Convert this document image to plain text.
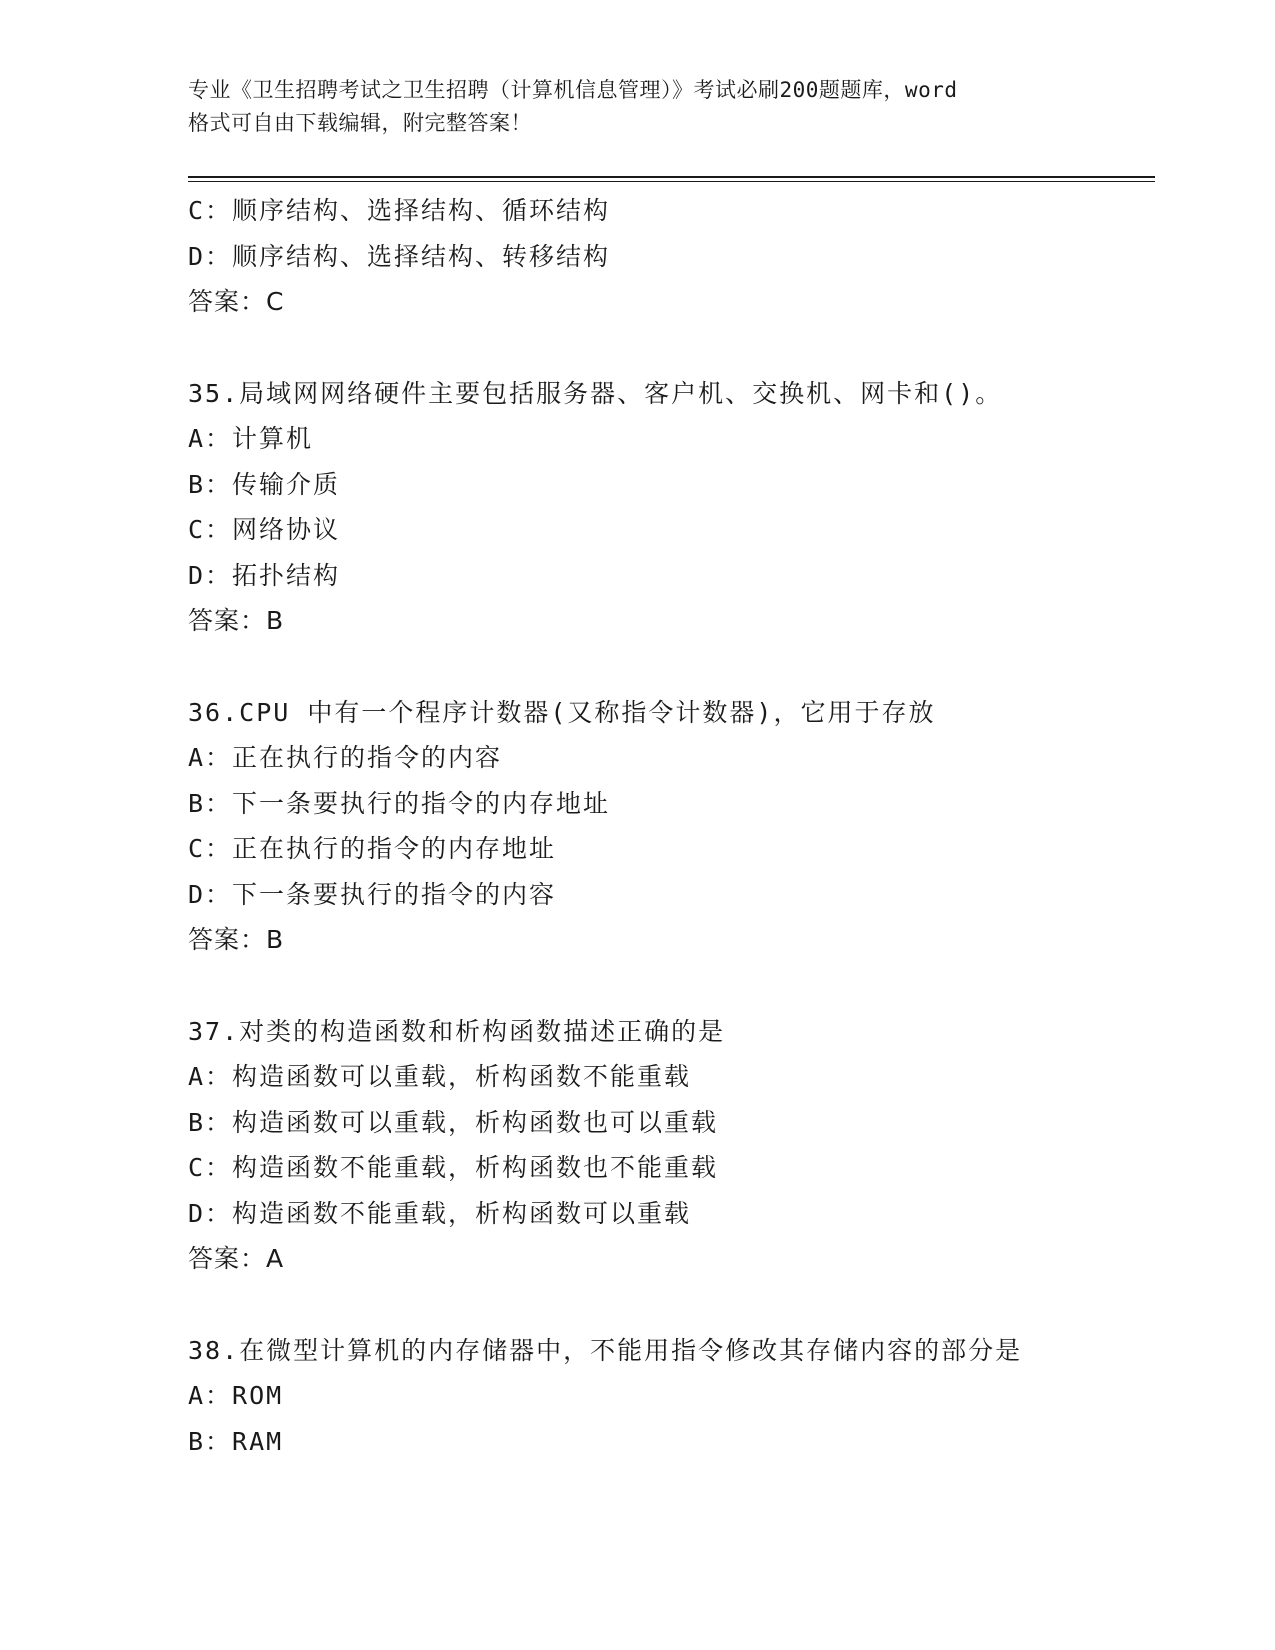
专业《卫生招聘考试之卫生招聘（计算机信息管理）》考试必刷200题题库，word
格式可自由下载编辑，附完整答案！
C：顺序结构、选择结构、循环结构
D：顺序结构、选择结构、转移结构
答案：C
35.局域网网络硬件主要包括服务器、客户机、交换机、网卡和()。
A：计算机
B：传输介质
C：网络协议
D：拓扑结构
答案：B
36.CPU 中有一个程序计数器(又称指令计数器)，它用于存放
A：正在执行的指令的内容
B：下一条要执行的指令的内存地址
C：正在执行的指令的内存地址
D：下一条要执行的指令的内容
答案：B
37.对类的构造函数和析构函数描述正确的是
A：构造函数可以重载，析构函数不能重载
B：构造函数可以重载，析构函数也可以重载
C：构造函数不能重载，析构函数也不能重载
D：构造函数不能重载，析构函数可以重载
答案：A
38.在微型计算机的内存储器中，不能用指令修改其存储内容的部分是
A：ROM
B：RAM
